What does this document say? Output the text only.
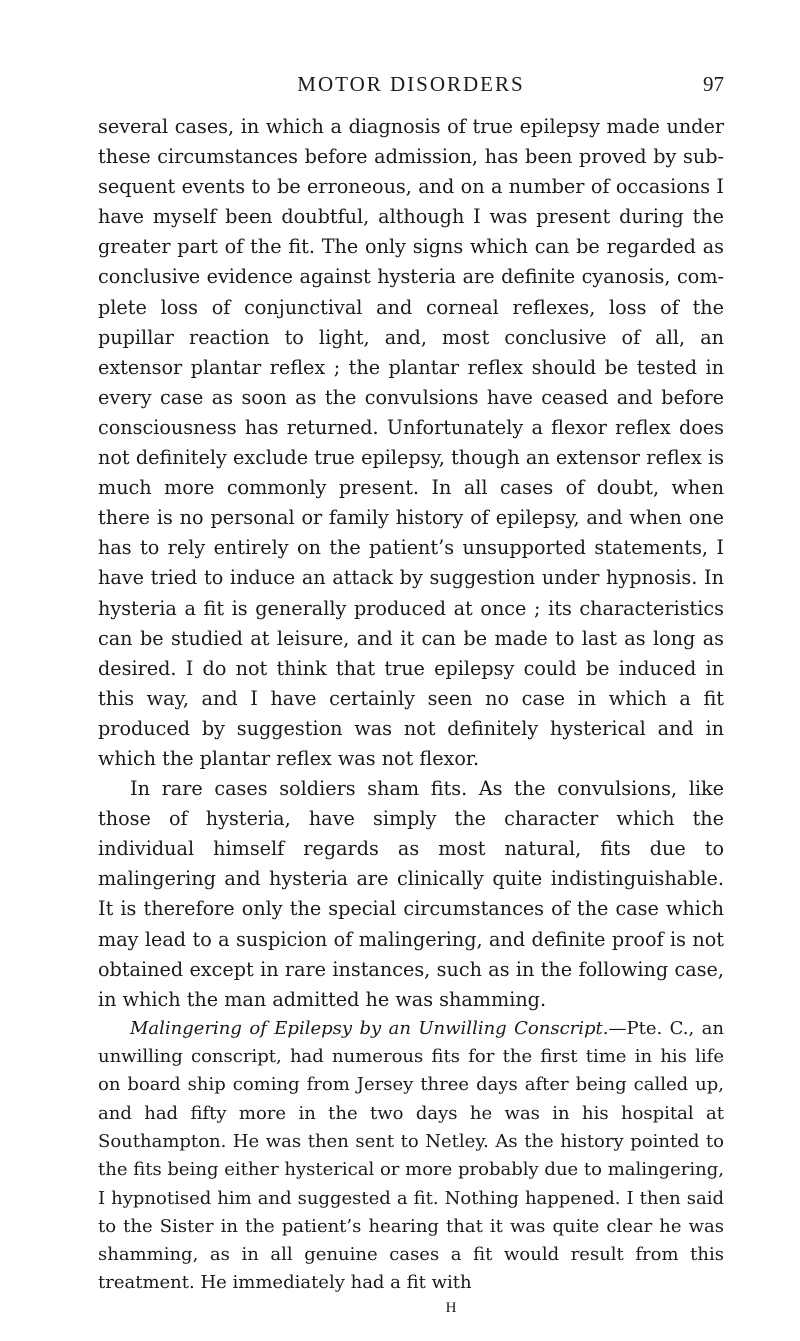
MOTOR DISORDERS	97

several cases, in which a diagnosis of true epilepsy made under these circumstances before admission, has been proved by sub-sequent events to be erroneous, and on a number of occasions I have myself been doubtful, although I was present during the greater part of the fit. The only signs which can be regarded as conclusive evidence against hysteria are definite cyanosis, com-plete loss of conjunctival and corneal reflexes, loss of the pupillar reaction to light, and, most conclusive of all, an extensor plantar reflex ; the plantar reflex should be tested in every case as soon as the convulsions have ceased and before consciousness has returned. Unfortunately a flexor reflex does not definitely exclude true epilepsy, though an extensor reflex is much more commonly present. In all cases of doubt, when there is no personal or family history of epilepsy, and when one has to rely entirely on the patient’s unsupported statements, I have tried to induce an attack by suggestion under hypnosis. In hysteria a fit is generally produced at once ; its characteristics can be studied at leisure, and it can be made to last as long as desired. I do not think that true epilepsy could be induced in this way, and I have certainly seen no case in which a fit produced by suggestion was not definitely hysterical and in which the plantar reflex was not flexor.

In rare cases soldiers sham fits. As the convulsions, like those of hysteria, have simply the character which the individual himself regards as most natural, fits due to malingering and hysteria are clinically quite indistinguishable. It is therefore only the special circumstances of the case which may lead to a suspicion of malingering, and definite proof is not obtained except in rare instances, such as in the following case, in which the man admitted he was shamming.

Malingering of Epilepsy by an Unwilling Conscript.—Pte. C., an unwilling conscript, had numerous fits for the first time in his life on board ship coming from Jersey three days after being called up, and had fifty more in the two days he was in his hospital at Southampton. He was then sent to Netley. As the history pointed to the fits being either hysterical or more probably due to malingering, I hypnotised him and suggested a fit. Nothing happened. I then said to the Sister in the patient’s hearing that it was quite clear he was shamming, as in all genuine cases a fit would result from this treatment. He immediately had a fit with

H
